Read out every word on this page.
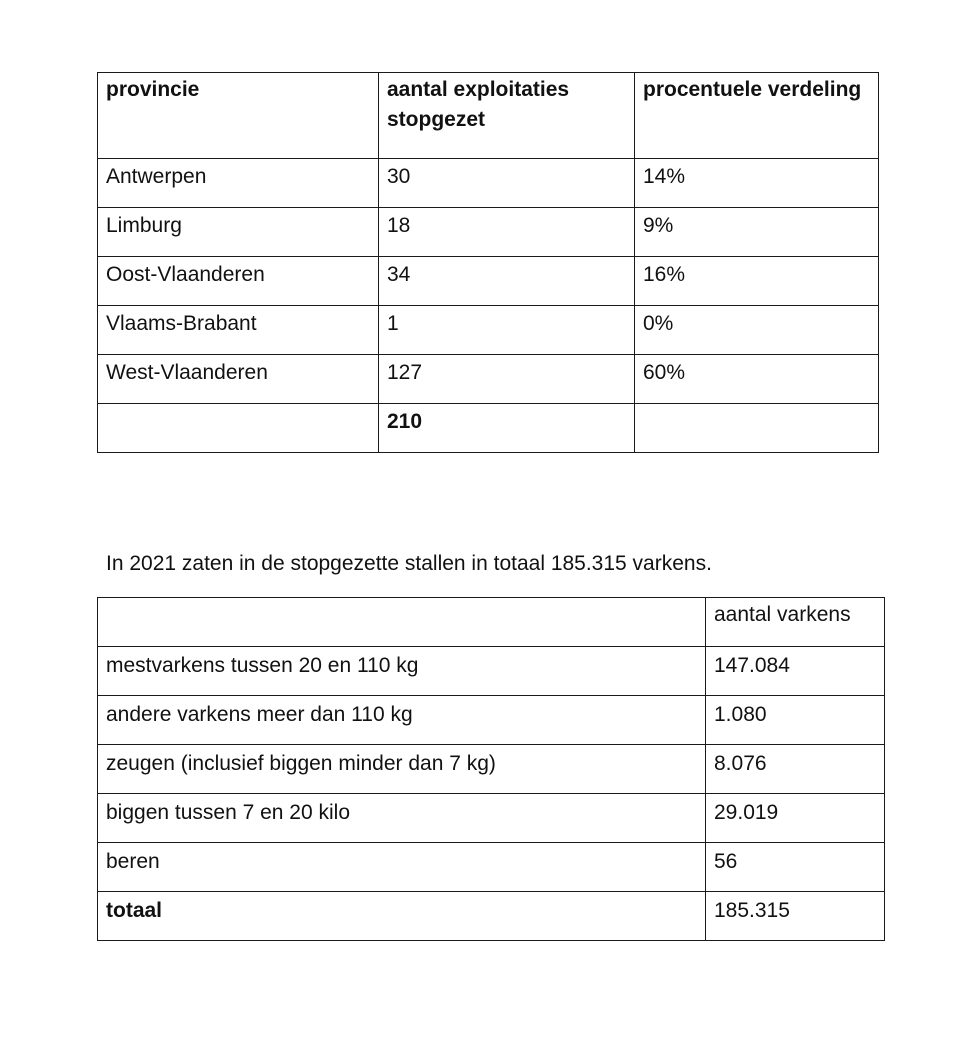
provincie	aantal exploitaties stopgezet	procentuele verdeling
Antwerpen	30	14%
Limburg	18	9%
Oost-Vlaanderen	34	16%
Vlaams-Brabant	1	0%
West-Vlaanderen	127	60%
	210	

In 2021 zaten in de stopgezette stallen in totaal 185.315 varkens.

	aantal varkens
mestvarkens tussen 20 en 110 kg	147.084
andere varkens meer dan 110 kg	1.080
zeugen (inclusief biggen minder dan 7 kg)	8.076
biggen tussen 7 en 20 kilo	29.019
beren	56
totaal	185.315
